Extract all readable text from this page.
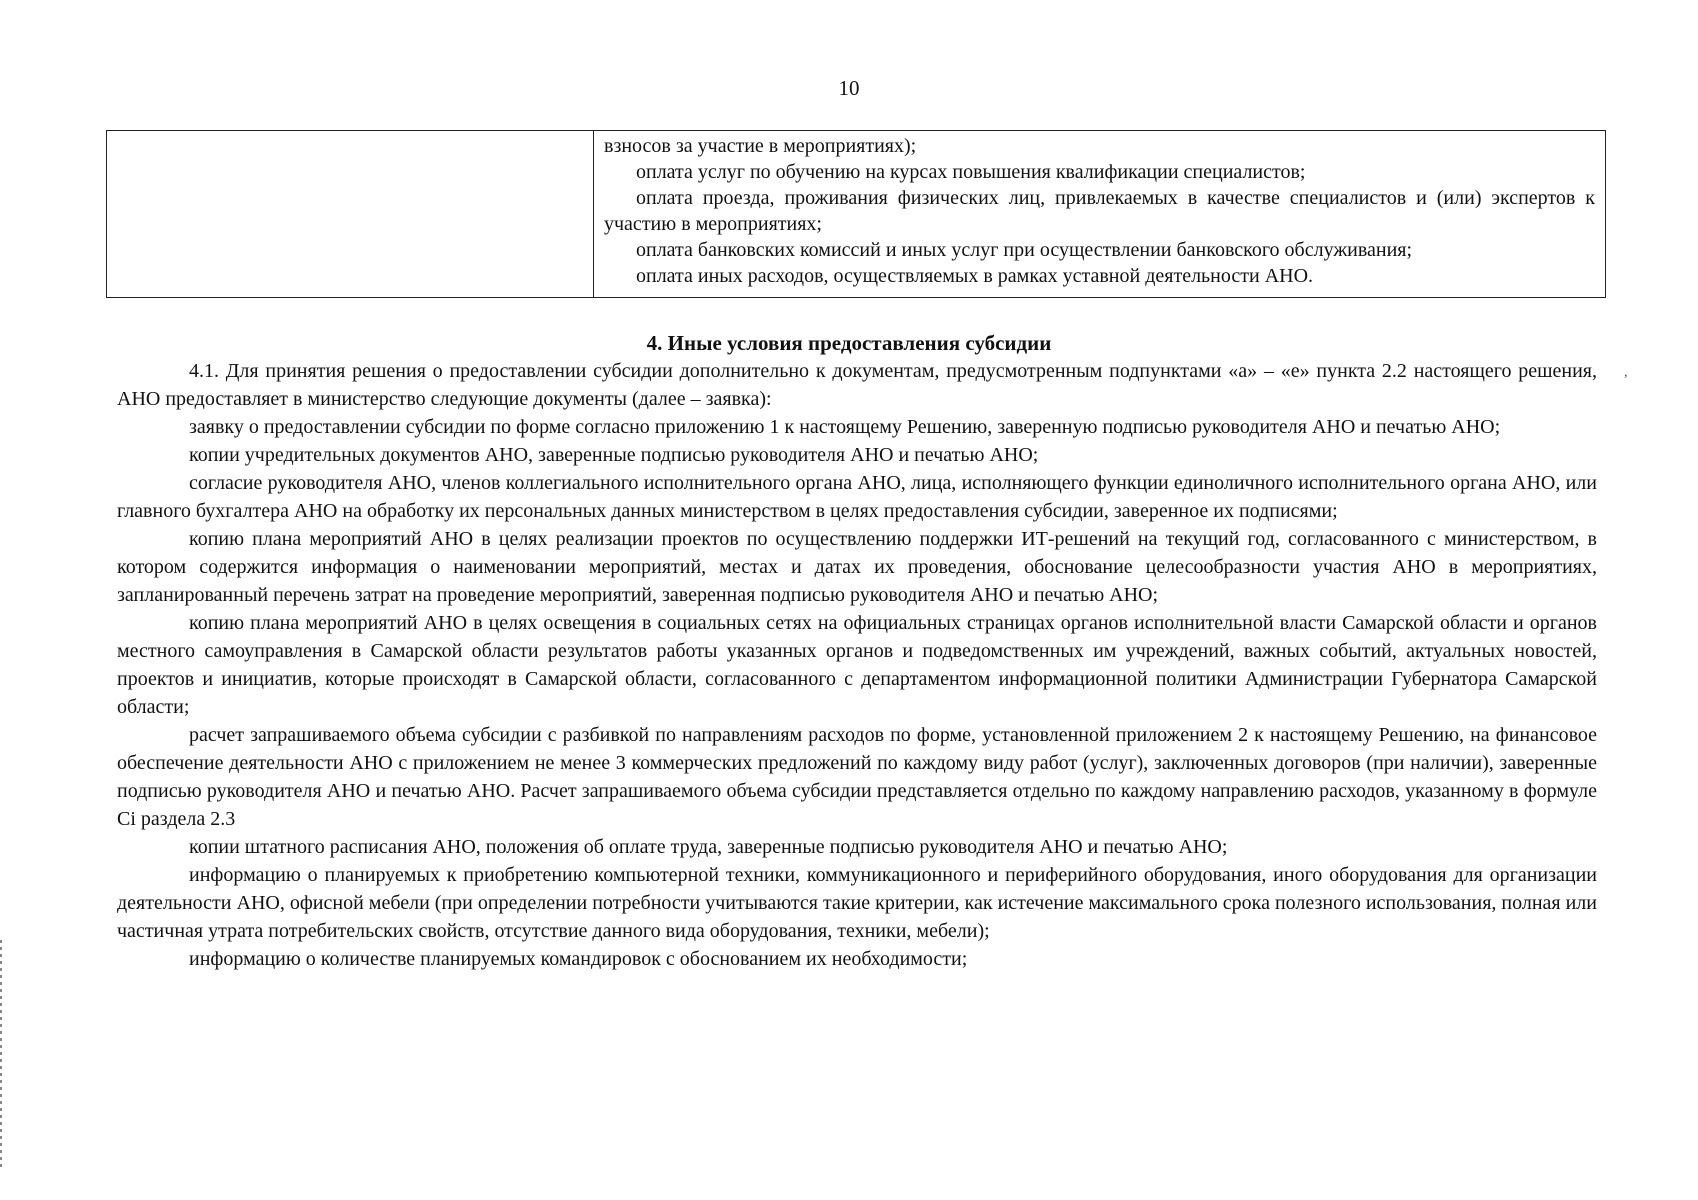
10

взносов за участие в мероприятиях);

оплата услуг по обучению на курсах повышения квалификации специалистов;

оплата проезда, проживания физических лиц, привлекаемых в качестве специалистов и (или) экспертов к участию в мероприятиях;

оплата банковских комиссий и иных услуг при осуществлении банковского обслуживания;

оплата иных расходов, осуществляемых в рамках уставной деятельности АНО.

4. Иные условия предоставления субсидии

4.1. Для принятия решения о предоставлении субсидии дополнительно к документам, предусмотренным подпунктами «а» – «е» пункта 2.2 настоящего решения, АНО предоставляет в министерство следующие документы (далее – заявка):

заявку о предоставлении субсидии по форме согласно приложению 1 к настоящему Решению, заверенную подписью руководителя АНО и печатью АНО;

копии учредительных документов АНО, заверенные подписью руководителя АНО и печатью АНО;

согласие руководителя АНО, членов коллегиального исполнительного органа АНО, лица, исполняющего функции единоличного исполнительного органа АНО, или главного бухгалтера АНО на обработку их персональных данных министерством в целях предоставления субсидии, заверенное их подписями;

копию плана мероприятий АНО в целях реализации проектов по осуществлению поддержки ИТ-решений на текущий год, согласованного с министерством, в котором содержится информация о наименовании мероприятий, местах и датах их проведения, обоснование целесообразности участия АНО в мероприятиях, запланированный перечень затрат на проведение мероприятий, заверенная подписью руководителя АНО и печатью АНО;

копию плана мероприятий АНО в целях освещения в социальных сетях на официальных страницах органов исполнительной власти Самарской области и органов местного самоуправления в Самарской области результатов работы указанных органов и подведомственных им учреждений, важных событий, актуальных новостей, проектов и инициатив, которые происходят в Самарской области, согласованного с департаментом информационной политики Администрации Губернатора Самарской области;

расчет запрашиваемого объема субсидии с разбивкой по направлениям расходов по форме, установленной приложением 2 к настоящему Решению, на финансовое обеспечение деятельности АНО с приложением не менее 3 коммерческих предложений по каждому виду работ (услуг), заключенных договоров (при наличии), заверенные подписью руководителя АНО и печатью АНО. Расчет запрашиваемого объема субсидии представляется отдельно по каждому направлению расходов, указанному в формуле Ci раздела 2.3

копии штатного расписания АНО, положения об оплате труда, заверенные подписью руководителя АНО и печатью АНО;

информацию о планируемых к приобретению компьютерной техники, коммуникационного и периферийного оборудования, иного оборудования для организации деятельности АНО, офисной мебели (при определении потребности учитываются такие критерии, как истечение максимального срока полезного использования, полная или частичная утрата потребительских свойств, отсутствие данного вида оборудования, техники, мебели);

информацию о количестве планируемых командировок с обоснованием их необходимости;

,
